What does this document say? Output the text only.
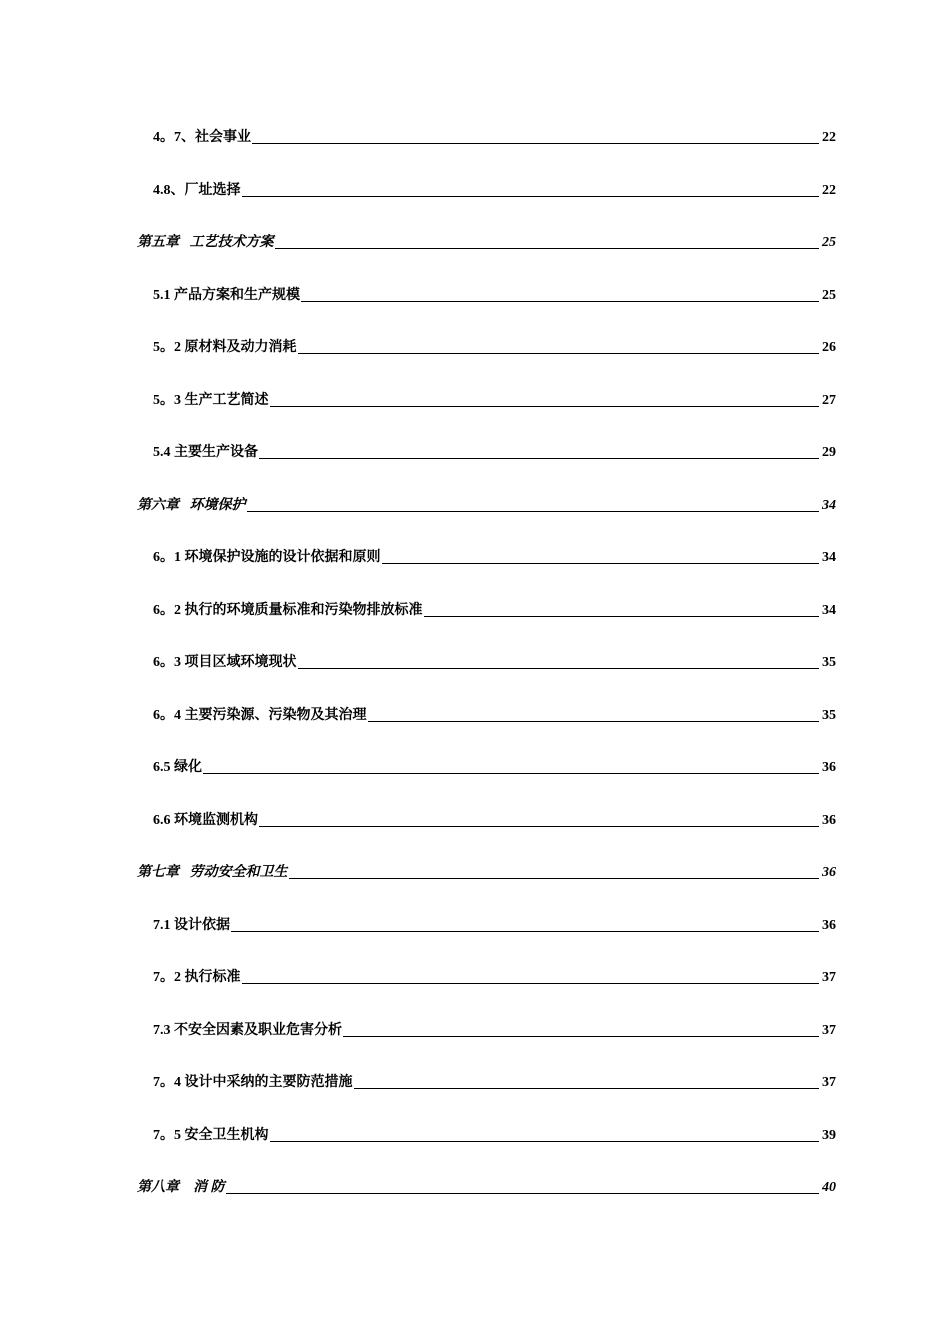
4。7、社会事业	22
4.8、厂址选择	22
第五章   工艺技术方案	25
5.1 产品方案和生产规模	25
5。2 原材料及动力消耗	26
5。3 生产工艺简述	27
5.4 主要生产设备	29
第六章   环境保护	34
6。1 环境保护设施的设计依据和原则	34
6。2 执行的环境质量标准和污染物排放标准	34
6。3 项目区域环境现状	35
6。4 主要污染源、污染物及其治理	35
6.5 绿化	36
6.6 环境监测机构	36
第七章   劳动安全和卫生	36
7.1 设计依据	36
7。2 执行标准	37
7.3 不安全因素及职业危害分析	37
7。4 设计中采纳的主要防范措施	37
7。5 安全卫生机构	39
第八章    消 防	40
